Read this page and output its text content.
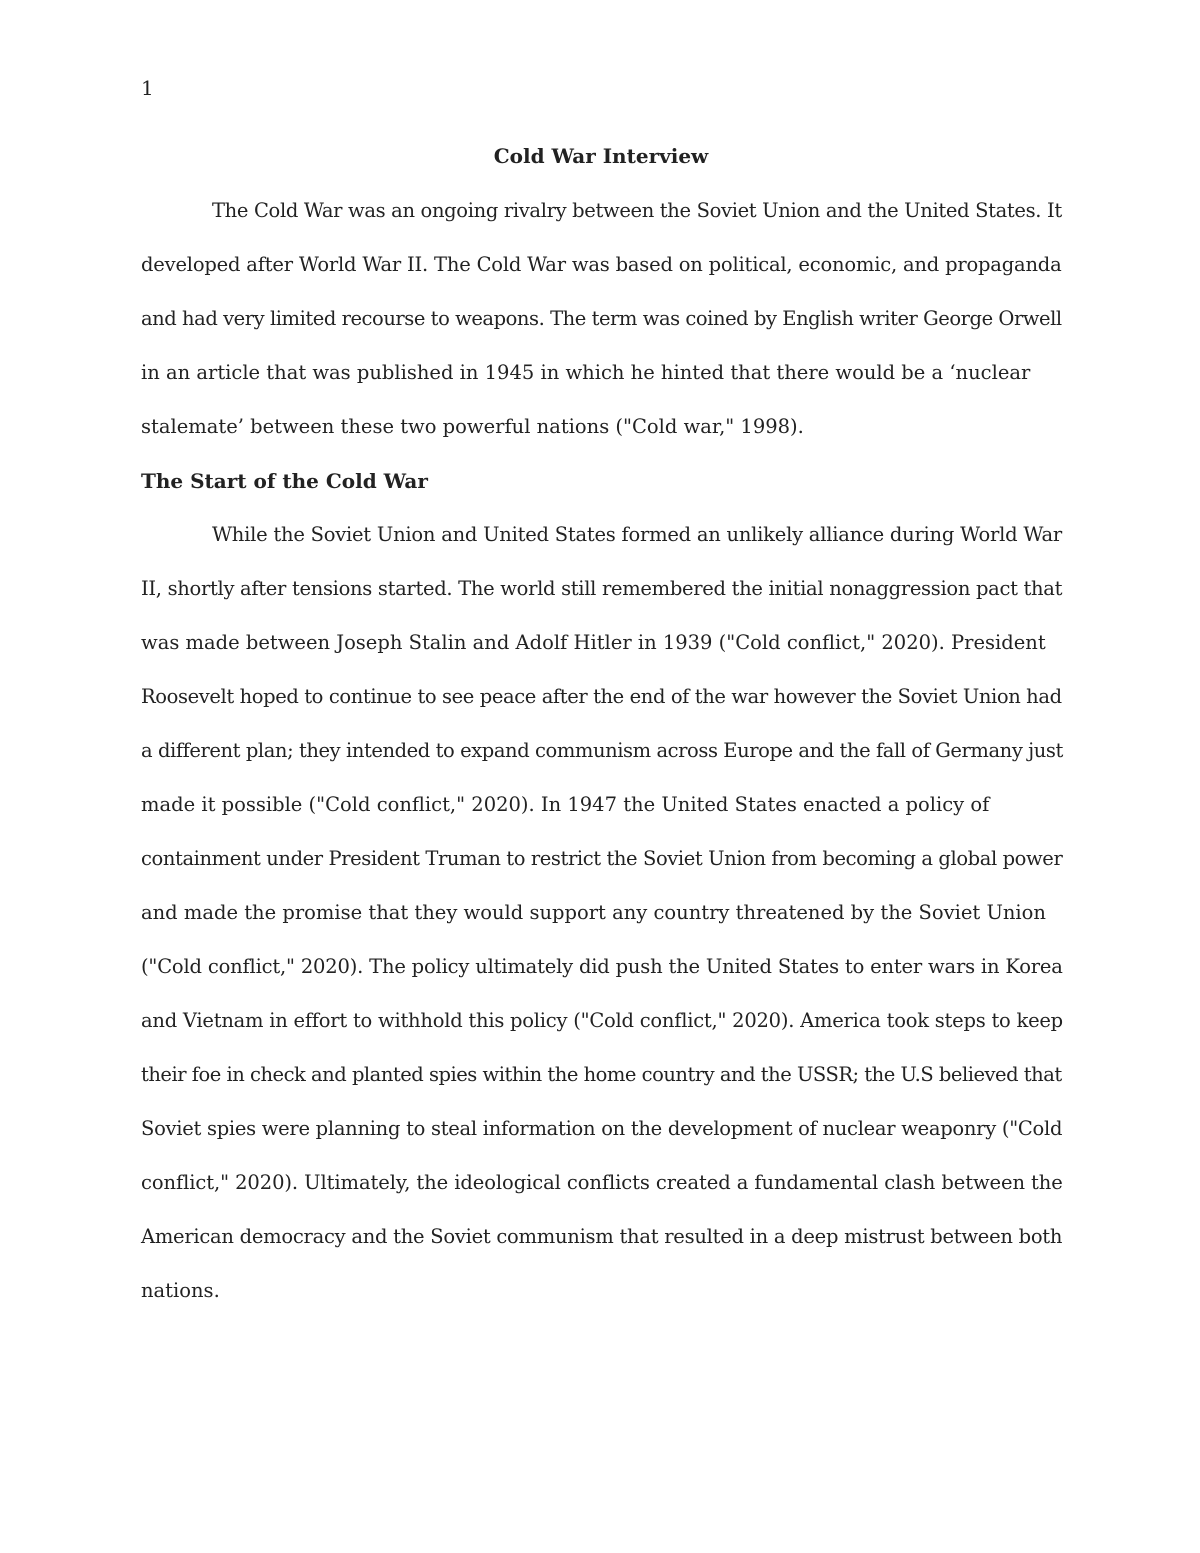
1
Cold War Interview
The Cold War was an ongoing rivalry between the Soviet Union and the United States. It
developed after World War II. The Cold War was based on political, economic, and propaganda
and had very limited recourse to weapons. The term was coined by English writer George Orwell
in an article that was published in 1945 in which he hinted that there would be a ‘nuclear
stalemate’ between these two powerful nations ("Cold war," 1998).
The Start of the Cold War
While the Soviet Union and United States formed an unlikely alliance during World War
II, shortly after tensions started. The world still remembered the initial nonaggression pact that
was made between Joseph Stalin and Adolf Hitler in 1939 ("Cold conflict," 2020). President
Roosevelt hoped to continue to see peace after the end of the war however the Soviet Union had
a different plan; they intended to expand communism across Europe and the fall of Germany just
made it possible ("Cold conflict," 2020). In 1947 the United States enacted a policy of
containment under President Truman to restrict the Soviet Union from becoming a global power
and made the promise that they would support any country threatened by the Soviet Union
("Cold conflict," 2020). The policy ultimately did push the United States to enter wars in Korea
and Vietnam in effort to withhold this policy ("Cold conflict," 2020). America took steps to keep
their foe in check and planted spies within the home country and the USSR; the U.S believed that
Soviet spies were planning to steal information on the development of nuclear weaponry ("Cold
conflict," 2020). Ultimately, the ideological conflicts created a fundamental clash between the
American democracy and the Soviet communism that resulted in a deep mistrust between both
nations.
